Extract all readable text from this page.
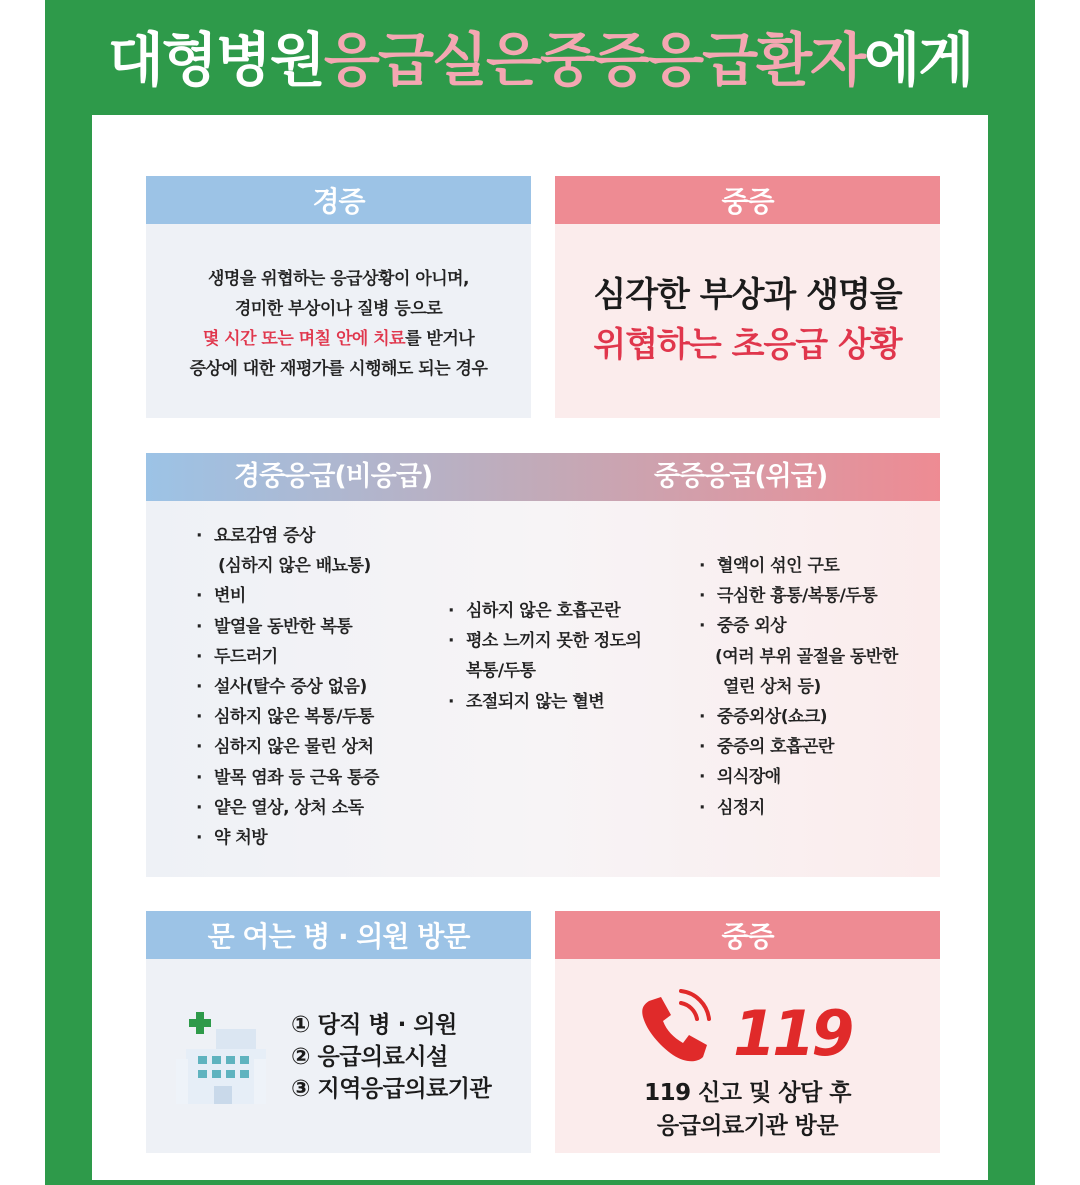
대형병원 응급실은 중증응급환자 에게
경증
생명을 위협하는 응급상황이 아니며,
경미한 부상이나 질병 등으로
몇 시간 또는 며칠 안에 치료를 받거나
증상에 대한 재평가를 시행해도 되는 경우
중증
심각한 부상과 생명을
위협하는 초응급 상황
경중응급(비응급)	중증응급(위급)
· 요로감염 증상
(심하지 않은 배뇨통)
· 변비
· 발열을 동반한 복통
· 두드러기
· 설사(탈수 증상 없음)
· 심하지 않은 복통/두통
· 심하지 않은 물린 상처
· 발목 염좌 등 근육 통증
· 얕은 열상, 상처 소독
· 약 처방
· 심하지 않은 호흡곤란
· 평소 느끼지 못한 정도의
복통/두통
· 조절되지 않는 혈변
· 혈액이 섞인 구토
· 극심한 흉통/복통/두통
· 중증 외상
(여러 부위 골절을 동반한
열린 상처 등)
· 중증외상(쇼크)
· 중증의 호흡곤란
· 의식장애
· 심정지
문 여는 병 · 의원 방문
① 당직 병 · 의원
② 응급의료시설
③ 지역응급의료기관
중증
119
119 신고 및 상담 후
응급의료기관 방문
